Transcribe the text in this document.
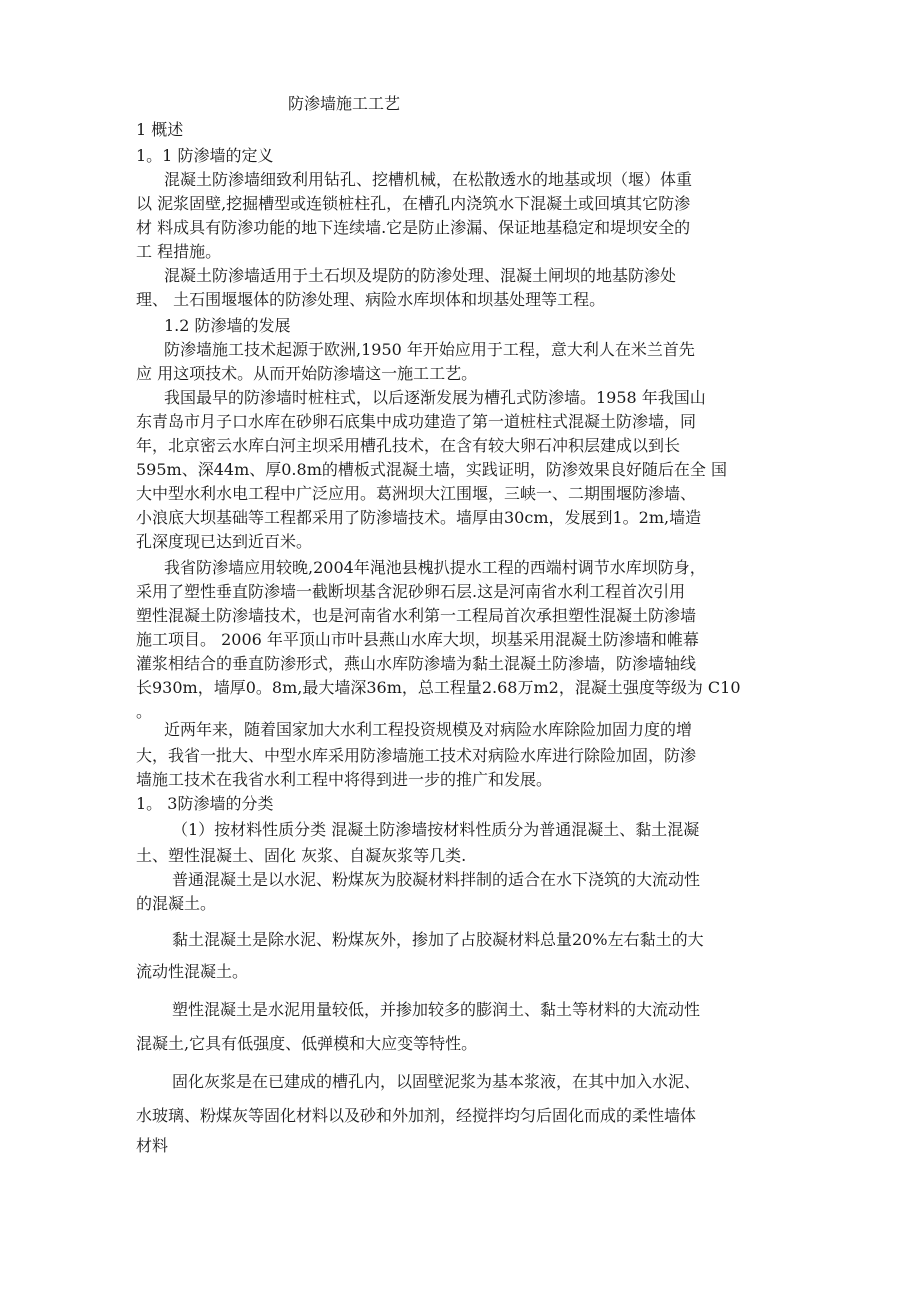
防渗墙施工工艺
1 概述
1。1 防渗墙的定义
混凝土防渗墙细致利用钻孔、挖槽机械，在松散透水的地基或坝（堰）体重
以 泥浆固壁,挖掘槽型或连锁桩柱孔，在槽孔内浇筑水下混凝土或回填其它防渗
材 料成具有防渗功能的地下连续墙.它是防止渗漏、保证地基稳定和堤坝安全的
工 程措施。
混凝土防渗墙适用于土石坝及堤防的防渗处理、混凝土闸坝的地基防渗处
理、 土石围堰堰体的防渗处理、病险水库坝体和坝基处理等工程。
1.2 防渗墙的发展
防渗墙施工技术起源于欧洲,1950 年开始应用于工程，意大利人在米兰首先
应 用这项技术。从而开始防渗墙这一施工工艺。
我国最早的防渗墙时桩柱式，以后逐渐发展为槽孔式防渗墙。1958 年我国山
东青岛市月子口水库在砂卵石底集中成功建造了第一道桩柱式混凝土防渗墙，同
年，北京密云水库白河主坝采用槽孔技术，在含有较大卵石冲积层建成以到长
595m、深44m、厚0.8m的槽板式混凝土墙，实践证明，防渗效果良好随后在全 国
大中型水利水电工程中广泛应用。葛洲坝大江围堰，三峡一、二期围堰防渗墙、
小浪底大坝基础等工程都采用了防渗墙技术。墙厚由30cm，发展到1。2m,墙造
孔深度现已达到近百米。
我省防渗墙应用较晚,2004年渑池县槐扒提水工程的西端村调节水库坝防身，
采用了塑性垂直防渗墙一截断坝基含泥砂卵石层.这是河南省水利工程首次引用
塑性混凝土防渗墙技术，也是河南省水利第一工程局首次承担塑性混凝土防渗墙
施工项目。 2006 年平顶山市叶县燕山水库大坝，坝基采用混凝土防渗墙和帷幕
灌浆相结合的垂直防渗形式，燕山水库防渗墙为黏土混凝土防渗墙，防渗墙轴线
长930m，墙厚0。8m,最大墙深36m，总工程量2.68万m2，混凝土强度等级为 C10
。
近两年来，随着国家加大水利工程投资规模及对病险水库除险加固力度的增
大，我省一批大、中型水库采用防渗墙施工技术对病险水库进行除险加固，防渗
墙施工技术在我省水利工程中将得到进一步的推广和发展。
1。 3防渗墙的分类
（1）按材料性质分类 混凝土防渗墙按材料性质分为普通混凝土、黏土混凝
土、塑性混凝土、固化 灰浆、自凝灰浆等几类.
普通混凝土是以水泥、粉煤灰为胶凝材料拌制的适合在水下浇筑的大流动性
的混凝土。
黏土混凝土是除水泥、粉煤灰外，掺加了占胶凝材料总量20%左右黏土的大
流动性混凝土。
塑性混凝土是水泥用量较低，并掺加较多的膨润土、黏土等材料的大流动性
混凝土,它具有低强度、低弹模和大应变等特性。
固化灰浆是在已建成的槽孔内，以固壁泥浆为基本浆液，在其中加入水泥、
水玻璃、粉煤灰等固化材料以及砂和外加剂，经搅拌均匀后固化而成的柔性墙体
材料
